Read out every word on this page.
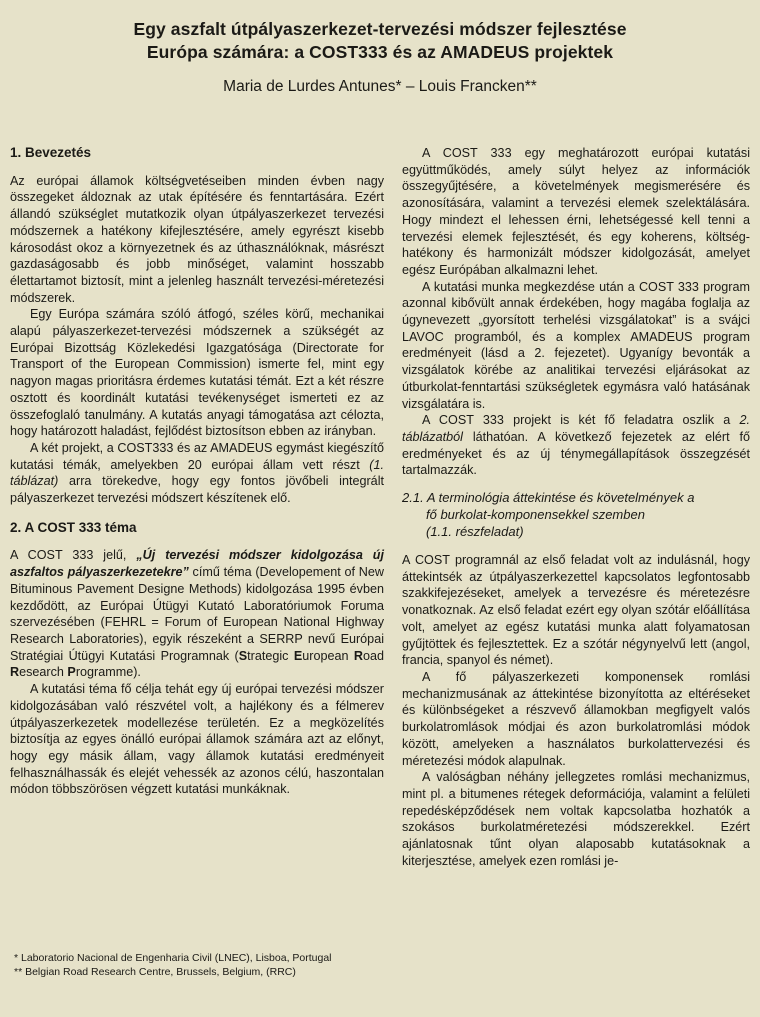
Egy aszfalt útpályaszerkezet-tervezési módszer fejlesztése
Európa számára: a COST333 és az AMADEUS projektek
Maria de Lurdes Antunes* – Louis Francken**
1. Bevezetés

Az európai államok költségvetéseiben minden évben nagy összegeket áldoznak az utak építésére és fenntartására. Ezért állandó szükséglet mutatkozik olyan útpályaszerkezet tervezési módszernek a hatékony kifejlesztésére, amely egyrészt kisebb károsodást okoz a környezetnek és az úthasználóknak, másrészt gazdaságosabb és jobb minőséget, valamint hosszabb élettartamot biztosít, mint a jelenleg használt tervezési-méretezési módszerek.

Egy Európa számára szóló átfogó, széles körű, mechanikai alapú pályaszerkezet-tervezési módszernek a szükségét az Európai Bizottság Közlekedési Igazgatósága (Directorate for Transport of the European Commission) ismerte fel, mint egy nagyon magas prioritásra érdemes kutatási témát. Ezt a két részre osztott és koordinált kutatási tevékenységet ismerteti ez az összefoglaló tanulmány. A kutatás anyagi támogatása azt célozta, hogy határozott haladást, fejlődést biztosítson ebben az irányban.

A két projekt, a COST333 és az AMADEUS egymást kiegészítő kutatási témák, amelyekben 20 európai állam vett részt (1. táblázat) arra törekedve, hogy egy fontos jövőbeli integrált pályaszerkezet tervezési módszert készítenek elő.

2. A COST 333 téma

A COST 333 jelű, „Új tervezési módszer kidolgozása új aszfaltos pályaszerkezetekre” című téma (Developement of New Bituminous Pavement Designe Methods) kidolgozása 1995 évben kezdődött, az Európai Útügyi Kutató Laboratóriumok Foruma szervezésében (FEHRL = Forum of European National Highway Research Laboratories), egyik részeként a SERRP nevű Európai Stratégiai Útügyi Kutatási Programnak (Strategic European Road Research Programme).

A kutatási téma fő célja tehát egy új európai tervezési módszer kidolgozásában való részvétel volt, a hajlékony és a félmerev útpályaszerkezetek modellezése területén. Ez a megközelítés biztosítja az egyes önálló európai államok számára azt az előnyt, hogy egy másik állam, vagy államok kutatási eredményeit felhasználhassák és elejét vehessék az azonos célú, haszontalan módon többszörösen végzett kutatási munkáknak.

A COST 333 egy meghatározott európai kutatási együttműködés, amely súlyt helyez az információk összegyűjtésére, a követelmények megismerésére és azonosítására, valamint a tervezési elemek szelektálására. Hogy mindezt el lehessen érni, lehetségessé kell tenni a tervezési elemek fejlesztését, és egy koherens, költség-hatékony és harmonizált módszer kidolgozását, amelyet egész Európában alkalmazni lehet.

A kutatási munka megkezdése után a COST 333 program azonnal kibővült annak érdekében, hogy magába foglalja az úgynevezett „gyorsított terhelési vizsgálatokat” is a svájci LAVOC programból, és a komplex AMADEUS program eredményeit (lásd a 2. fejezetet). Ugyanígy bevonták a vizsgálatok körébe az analitikai tervezési eljárásokat az útburkolat-fenntartási szükségletek egymásra való hatásának vizsgálatára is.

A COST 333 projekt is két fő feladatra oszlik a 2. táblázatból láthatóan. A következő fejezetek az elért fő eredményeket és az új ténymegállapítások összegzését tartalmazzák.

2.1. A terminológia áttekintése és követelmények a
fő burkolat-komponensekkel szemben
(1.1. részfeladat)

A COST programnál az első feladat volt az indulásnál, hogy áttekintsék az útpályaszerkezettel kapcsolatos legfontosabb szakkifejezéseket, amelyek a tervezésre és méretezésre vonatkoznak. Az első feladat ezért egy olyan szótár előállítása volt, amelyet az egész kutatási munka alatt folyamatosan gyűjtöttek és fejlesztettek. Ez a szótár négynyelvű lett (angol, francia, spanyol és német).

A fő pályaszerkezeti komponensek romlási mechanizmusának az áttekintése bizonyította az eltéréseket és különbségeket a részvevő államokban megfigyelt valós burkolatromlások módjai és azon burkolatromlási módok között, amelyeken a használatos burkolattervezési és méretezési módok alapulnak.

A valóságban néhány jellegzetes romlási mechanizmus, mint pl. a bitumenes rétegek deformációja, valamint a felületi repedésképződések nem voltak kapcsolatba hozhatók a szokásos burkolatméretezési módszerekkel. Ezért ajánlatosnak tűnt olyan alaposabb kutatásoknak a kiterjesztése, amelyek ezen romlási je-

* Laboratorio Nacional de Engenharia Civil (LNEC), Lisboa, Portugal
** Belgian Road Research Centre, Brussels, Belgium, (RRC)
